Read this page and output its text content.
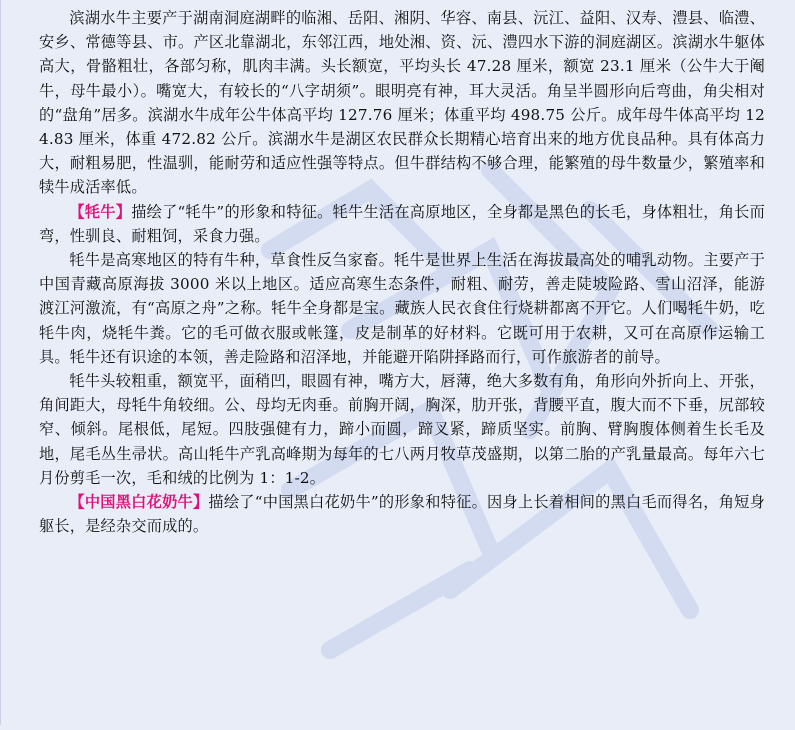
滨湖水牛主要产于湖南洞庭湖畔的临湘、岳阳、湘阴、华容、南县、沅江、益阳、汉寿、澧县、临澧、安乡、常德等县、市。产区北靠湖北，东邻江西，地处湘、资、沅、澧四水下游的洞庭湖区。滨湖水牛躯体高大，骨骼粗壮，各部匀称，肌肉丰满。头长额宽，平均头长 47.28 厘米，额宽 23.1 厘米（公牛大于阉牛，母牛最小）。嘴宽大，有较长的“八字胡须”。眼明亮有神，耳大灵活。角呈半圆形向后弯曲，角尖相对的“盘角”居多。滨湖水牛成年公牛体高平均 127.76 厘米；体重平均 498.75 公斤。成年母牛体高平均 124.83 厘米，体重 472.82 公斤。滨湖水牛是湖区农民群众长期精心培育出来的地方优良品种。具有体高力大，耐粗易肥，性温驯，能耐劳和适应性强等特点。但牛群结构不够合理，能繁殖的母牛数量少，繁殖率和犊牛成活率低。

【牦牛】描绘了“牦牛”的形象和特征。牦牛生活在高原地区，全身都是黑色的长毛，身体粗壮，角长而弯，性驯良、耐粗饲，采食力强。

牦牛是高寒地区的特有牛种，草食性反刍家畜。牦牛是世界上生活在海拔最高处的哺乳动物。主要产于中国青藏高原海拔 3000 米以上地区。适应高寒生态条件，耐粗、耐劳，善走陡坡险路、雪山沼泽，能游渡江河激流，有“高原之舟”之称。牦牛全身都是宝。藏族人民衣食住行烧耕都离不开它。人们喝牦牛奶，吃牦牛肉，烧牦牛粪。它的毛可做衣服或帐篷，皮是制革的好材料。它既可用于农耕，又可在高原作运输工具。牦牛还有识途的本领，善走险路和沼泽地，并能避开陷阱择路而行，可作旅游者的前导。

牦牛头较粗重，额宽平，面稍凹，眼圆有神，嘴方大，唇薄，绝大多数有角，角形向外折向上、开张，角间距大，母牦牛角较细。公、母均无肉垂。前胸开阔，胸深，肋开张，背腰平直，腹大而不下垂，尻部较窄、倾斜。尾根低，尾短。四肢强健有力，蹄小而圆，蹄叉紧，蹄质坚实。前胸、臂胸腹体侧着生长毛及地，尾毛丛生帚状。高山牦牛产乳高峰期为每年的七八两月牧草茂盛期，以第二胎的产乳量最高。每年六七月份剪毛一次，毛和绒的比例为 1：1-2。

【中国黑白花奶牛】描绘了“中国黑白花奶牛”的形象和特征。因身上长着相间的黑白毛而得名，角短身躯长，是经杂交而成的。
